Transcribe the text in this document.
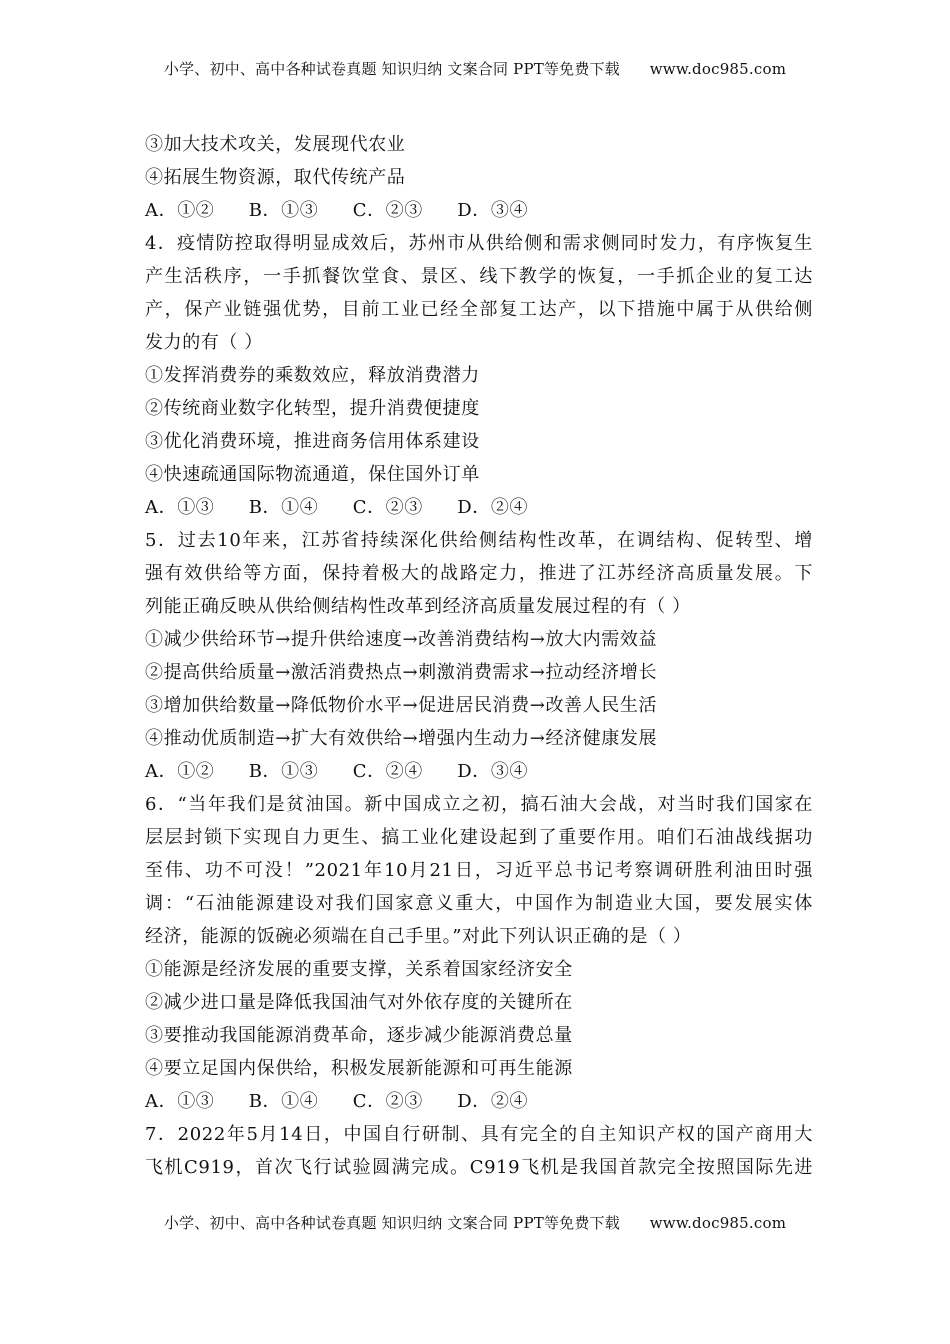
小学、初中、高中各种试卷真题 知识归纳 文案合同 PPT等免费下载      www.doc985.com
③加大技术攻关，发展现代农业
④拓展生物资源，取代传统产品
A．①② B．①③ C．②③ D．③④
4．疫情防控取得明显成效后，苏州市从供给侧和需求侧同时发力，有序恢复生
产生活秩序，一手抓餐饮堂食、景区、线下教学的恢复，一手抓企业的复工达
产，保产业链强优势，目前工业已经全部复工达产，以下措施中属于从供给侧
发力的有（ ）
①发挥消费券的乘数效应，释放消费潜力
②传统商业数字化转型，提升消费便捷度
③优化消费环境，推进商务信用体系建设
④快速疏通国际物流通道，保住国外订单
A．①③ B．①④ C．②③ D．②④
5．过去10年来，江苏省持续深化供给侧结构性改革，在调结构、促转型、增
强有效供给等方面，保持着极大的战路定力，推进了江苏经济高质量发展。下
列能正确反映从供给侧结构性改革到经济高质量发展过程的有（ ）
①减少供给环节→提升供给速度→改善消费结构→放大内需效益
②提高供给质量→激活消费热点→刺激消费需求→拉动经济增长
③增加供给数量→降低物价水平→促进居民消费→改善人民生活
④推动优质制造→扩大有效供给→增强内生动力→经济健康发展
A．①② B．①③ C．②④ D．③④
6．“当年我们是贫油国。新中国成立之初，搞石油大会战，对当时我们国家在
层层封锁下实现自力更生、搞工业化建设起到了重要作用。咱们石油战线据功
至伟、功不可没！”2021年10月21日，习近平总书记考察调研胜利油田时强
调：“石油能源建设对我们国家意义重大，中国作为制造业大国，要发展实体
经济，能源的饭碗必须端在自己手里。”对此下列认识正确的是（ ）
①能源是经济发展的重要支撑，关系着国家经济安全
②减少进口量是降低我国油气对外依存度的关键所在
③要推动我国能源消费革命，逐步减少能源消费总量
④要立足国内保供给，积极发展新能源和可再生能源
A．①③ B．①④ C．②③ D．②④
7．2022年5月14日，中国自行研制、具有完全的自主知识产权的国产商用大
飞机C919，首次飞行试验圆满完成。C919飞机是我国首款完全按照国际先进
小学、初中、高中各种试卷真题 知识归纳 文案合同 PPT等免费下载      www.doc985.com
